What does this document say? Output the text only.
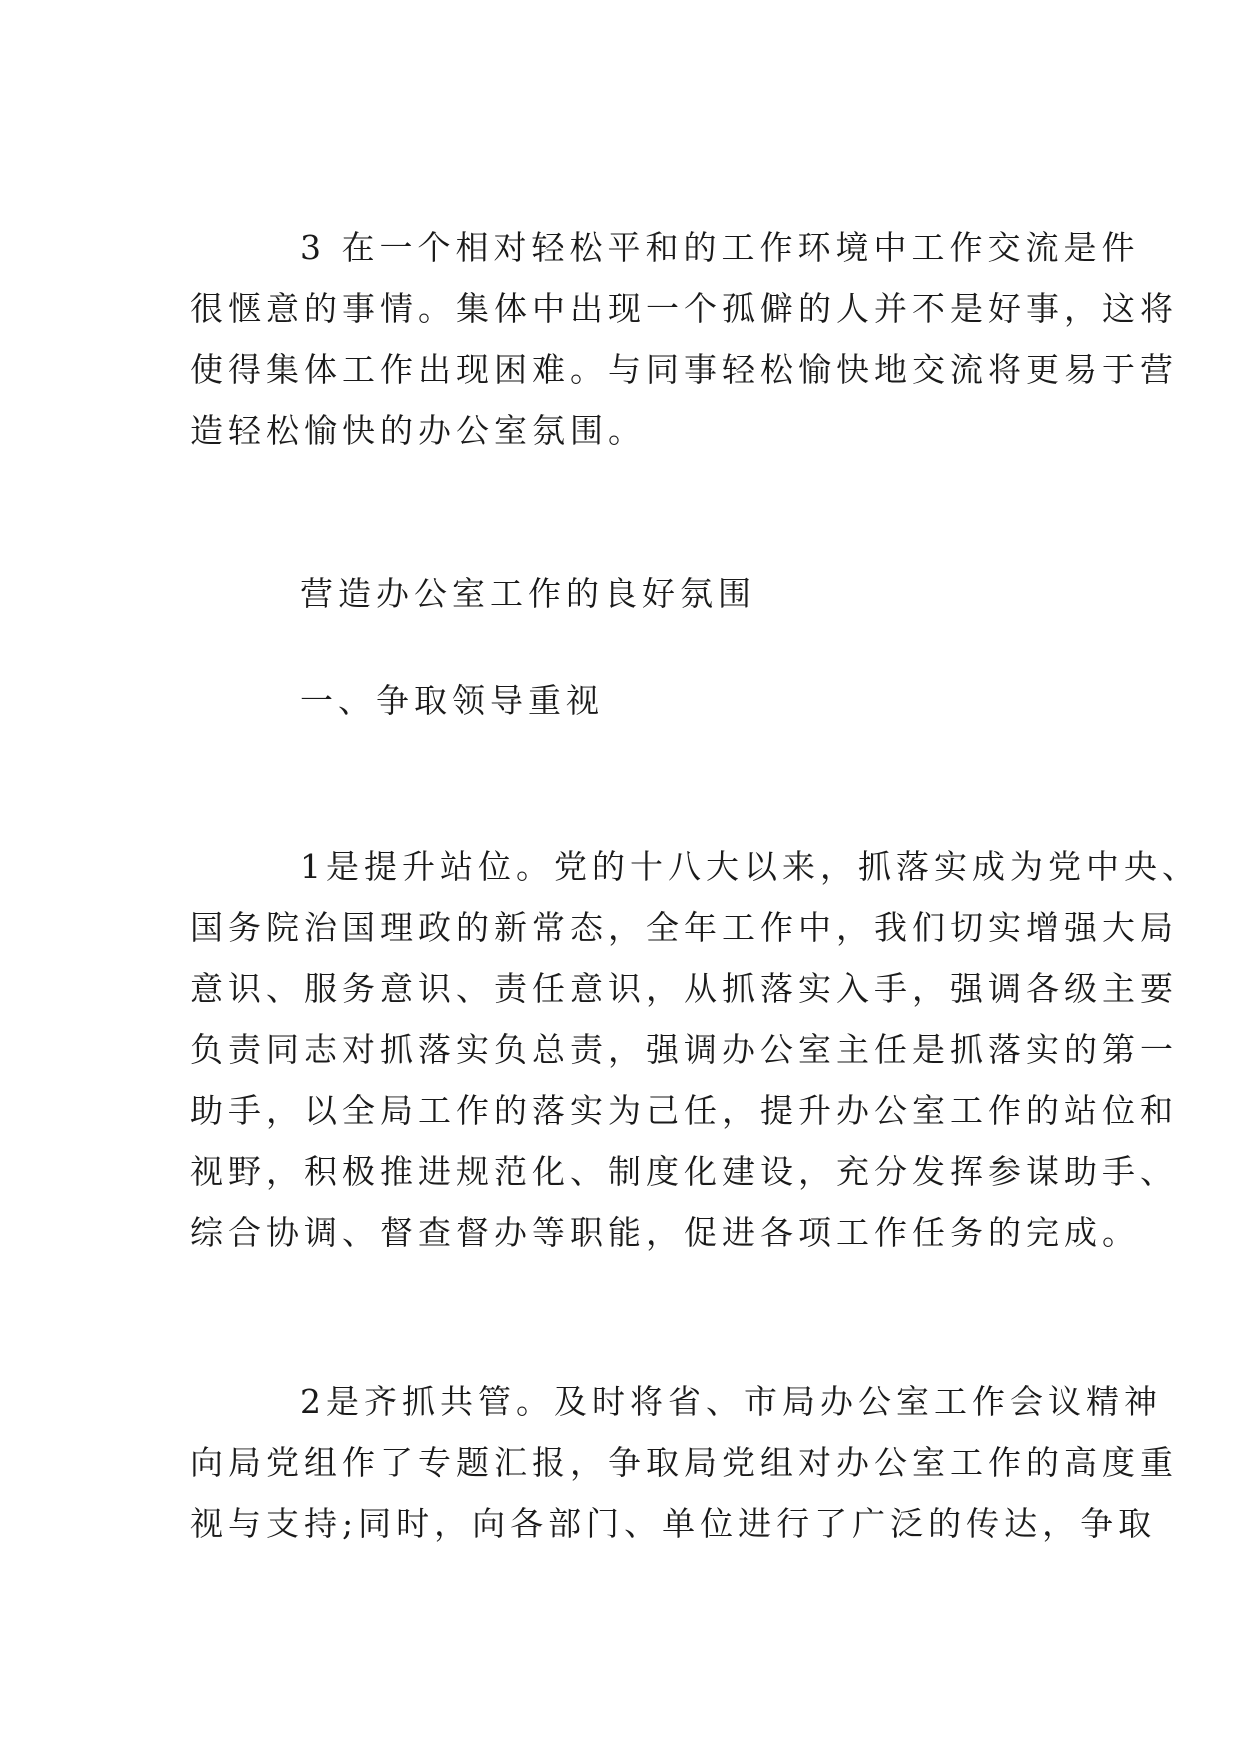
3 在一个相对轻松平和的工作环境中工作交流是件
很惬意的事情。集体中出现一个孤僻的人并不是好事，这将
使得集体工作出现困难。与同事轻松愉快地交流将更易于营
造轻松愉快的办公室氛围。
营造办公室工作的良好氛围
一、争取领导重视
1是提升站位。党的十八大以来，抓落实成为党中央、
国务院治国理政的新常态，全年工作中，我们切实增强大局
意识、服务意识、责任意识，从抓落实入手，强调各级主要
负责同志对抓落实负总责，强调办公室主任是抓落实的第一
助手，以全局工作的落实为己任，提升办公室工作的站位和
视野，积极推进规范化、制度化建设，充分发挥参谋助手、
综合协调、督查督办等职能，促进各项工作任务的完成。
2是齐抓共管。及时将省、市局办公室工作会议精神
向局党组作了专题汇报，争取局党组对办公室工作的高度重
视与支持;同时，向各部门、单位进行了广泛的传达，争取
